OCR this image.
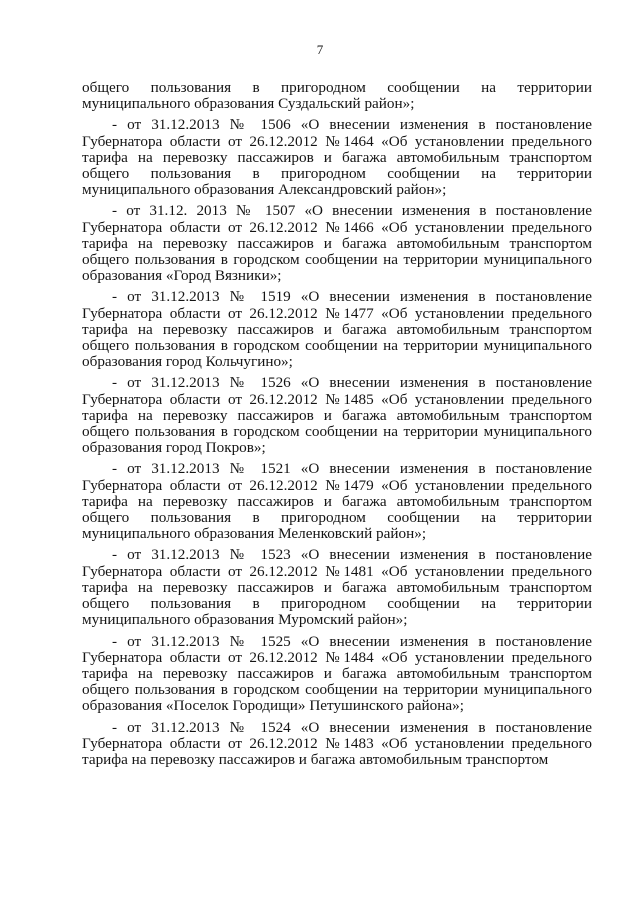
7

общего пользования в пригородном сообщении на территории муниципального образования Суздальский район»;

- от 31.12.2013 № 1506 «О внесении изменения в постановление Губернатора области от 26.12.2012 №1464 «Об установлении предельного тарифа на перевозку пассажиров и багажа автомобильным транспортом общего пользования в пригородном сообщении на территории муниципального образования Александровский район»;

- от 31.12. 2013 № 1507 «О внесении изменения в постановление Губернатора области от 26.12.2012 №1466 «Об установлении предельного тарифа на перевозку пассажиров и багажа автомобильным транспортом общего пользования в городском сообщении на территории муниципального образования «Город Вязники»;

- от 31.12.2013 № 1519 «О внесении изменения в постановление Губернатора области от 26.12.2012 №1477 «Об установлении предельного тарифа на перевозку пассажиров и багажа автомобильным транспортом общего пользования в городском сообщении на территории муниципального образования город Кольчугино»;

- от 31.12.2013 № 1526 «О внесении изменения в постановление Губернатора области от 26.12.2012 №1485 «Об установлении предельного тарифа на перевозку пассажиров и багажа автомобильным транспортом общего пользования в городском сообщении на территории муниципального образования город Покров»;

- от 31.12.2013 № 1521 «О внесении изменения в постановление Губернатора области от 26.12.2012 №1479 «Об установлении предельного тарифа на перевозку пассажиров и багажа автомобильным транспортом общего пользования в пригородном сообщении на территории муниципального образования Меленковский район»;

- от 31.12.2013 № 1523 «О внесении изменения в постановление Губернатора области от 26.12.2012 №1481 «Об установлении предельного тарифа на перевозку пассажиров и багажа автомобильным транспортом общего пользования в пригородном сообщении на территории муниципального образования Муромский район»;

- от 31.12.2013 № 1525 «О внесении изменения в постановление Губернатора области от 26.12.2012 №1484 «Об установлении предельного тарифа на перевозку пассажиров и багажа автомобильным транспортом общего пользования в городском сообщении на территории муниципального образования «Поселок Городищи» Петушинского района»;

- от 31.12.2013 № 1524 «О внесении изменения в постановление Губернатора области от 26.12.2012 №1483 «Об установлении предельного тарифа на перевозку пассажиров и багажа автомобильным транспортом
